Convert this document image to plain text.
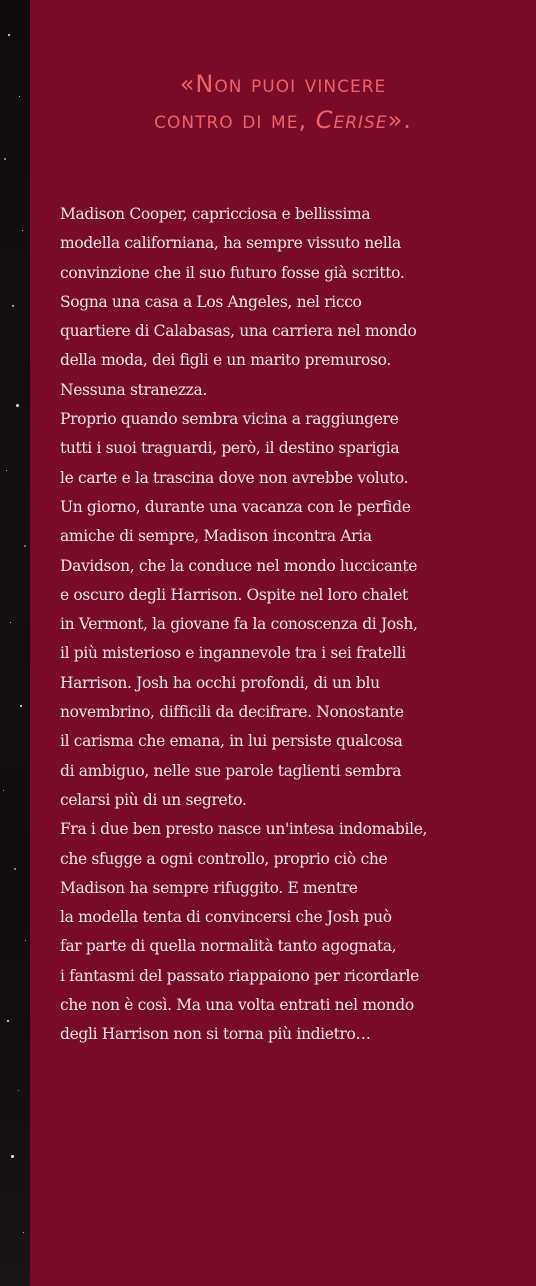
«Non puoi vincere
contro di me, Cerise».
Madison Cooper, capricciosa e bellissima
modella californiana, ha sempre vissuto nella
convinzione che il suo futuro fosse già scritto.
Sogna una casa a Los Angeles, nel ricco
quartiere di Calabasas, una carriera nel mondo
della moda, dei figli e un marito premuroso.
Nessuna stranezza.
Proprio quando sembra vicina a raggiungere
tutti i suoi traguardi, però, il destino sparigia
le carte e la trascina dove non avrebbe voluto.
Un giorno, durante una vacanza con le perfide
amiche di sempre, Madison incontra Aria
Davidson, che la conduce nel mondo luccicante
e oscuro degli Harrison. Ospite nel loro chalet
in Vermont, la giovane fa la conoscenza di Josh,
il più misterioso e ingannevole tra i sei fratelli
Harrison. Josh ha occhi profondi, di un blu
novembrino, difficili da decifrare. Nonostante
il carisma che emana, in lui persiste qualcosa
di ambiguo, nelle sue parole taglienti sembra
celarsi più di un segreto.
Fra i due ben presto nasce un'intesa indomabile,
che sfugge a ogni controllo, proprio ciò che
Madison ha sempre rifuggito. E mentre
la modella tenta di convincersi che Josh può
far parte di quella normalità tanto agognata,
i fantasmi del passato riappaiono per ricordarle
che non è così. Ma una volta entrati nel mondo
degli Harrison non si torna più indietro…
